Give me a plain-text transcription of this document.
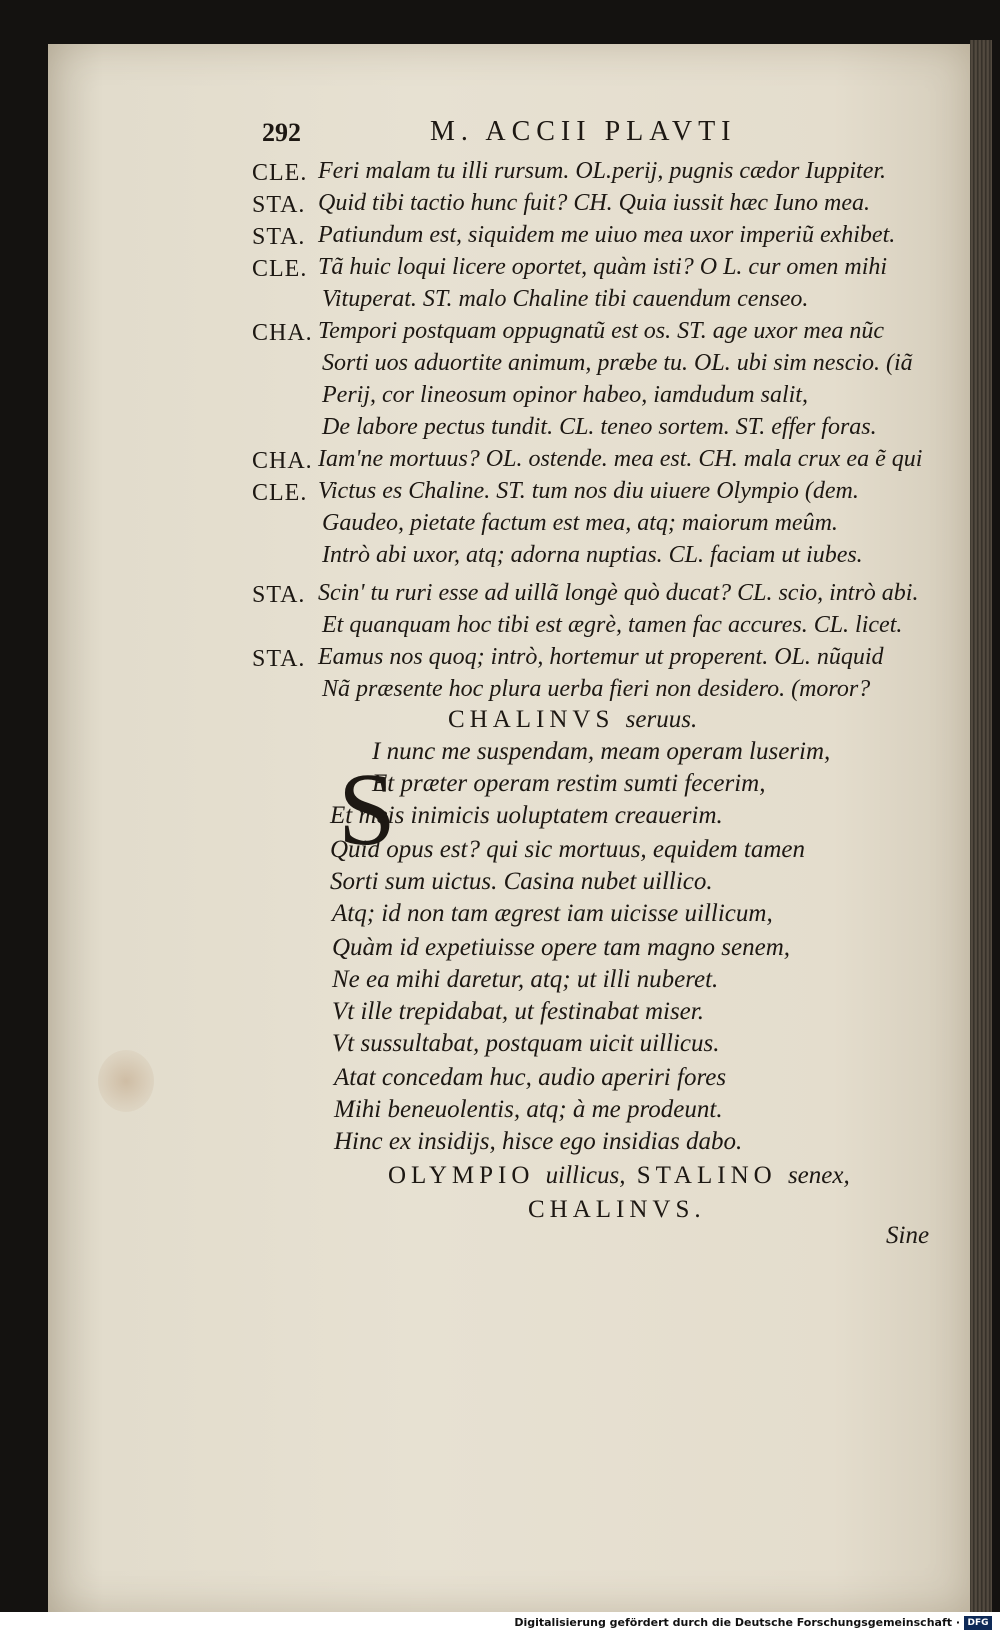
292	M. ACCII PLAVTI
CLE. Feri malam tu illi rursum. OL.perij, pugnis cædor Iuppiter.
STA. Quid tibi tactio hunc fuit? CH. Quia iussit hæc Iuno mea.
STA. Patiundum est, siquidem me uiuo mea uxor imperiũ exhibet.
CLE. Tã huic loqui licere oportet, quàm isti? O L. cur omen mihi
Vituperat. ST. malo Chaline tibi cauendum censeo.
CHA. Tempori postquam oppugnatũ est os. ST. age uxor mea nũc
Sorti uos aduortite animum, præbe tu. OL. ubi sim nescio. (iã
Perij, cor lineosum opinor habeo, iamdudum salit,
De labore pectus tundit. CL. teneo sortem. ST. effer foras.
CHA. Iam'ne mortuus? OL. ostende. mea est. CH. mala crux ea ẽ qui
CLE. Victus es Chaline. ST. tum nos diu uiuere Olympio (dem.
Gaudeo, pietate factum est mea, atq; maiorum meûm.
Intrò abi uxor, atq; adorna nuptias. CL. faciam ut iubes.
STA. Scin' tu ruri esse ad uillã longè quò ducat? CL. scio, intrò abi.
Et quanquam hoc tibi est ægrè, tamen fac accures. CL. licet.
STA. Eamus nos quoq; intrò, hortemur ut properent. OL. nũquid
Nã præsente hoc plura uerba fieri non desidero. (moror?
CHALINVS seruus.
S
I nunc me suspendam, meam operam luserim,
Et præter operam restim sumti fecerim,
Et meis inimicis uoluptatem creauerim.
Quid opus est? qui sic mortuus, equidem tamen
Sorti sum uictus. Casina nubet uillico.
Atq; id non tam ægrest iam uicisse uillicum,
Quàm id expetiuisse opere tam magno senem,
Ne ea mihi daretur, atq; ut illi nuberet.
Vt ille trepidabat, ut festinabat miser.
Vt sussultabat, postquam uicit uillicus.
Atat concedam huc, audio aperiri fores
Mihi beneuolentis, atq; à me prodeunt.
Hinc ex insidijs, hisce ego insidias dabo.
OLYMPIO uillicus, STALINO senex,
CHALINVS.
Sine
Digitalisierung gefördert durch die Deutsche Forschungsgemeinschaft · DFG
